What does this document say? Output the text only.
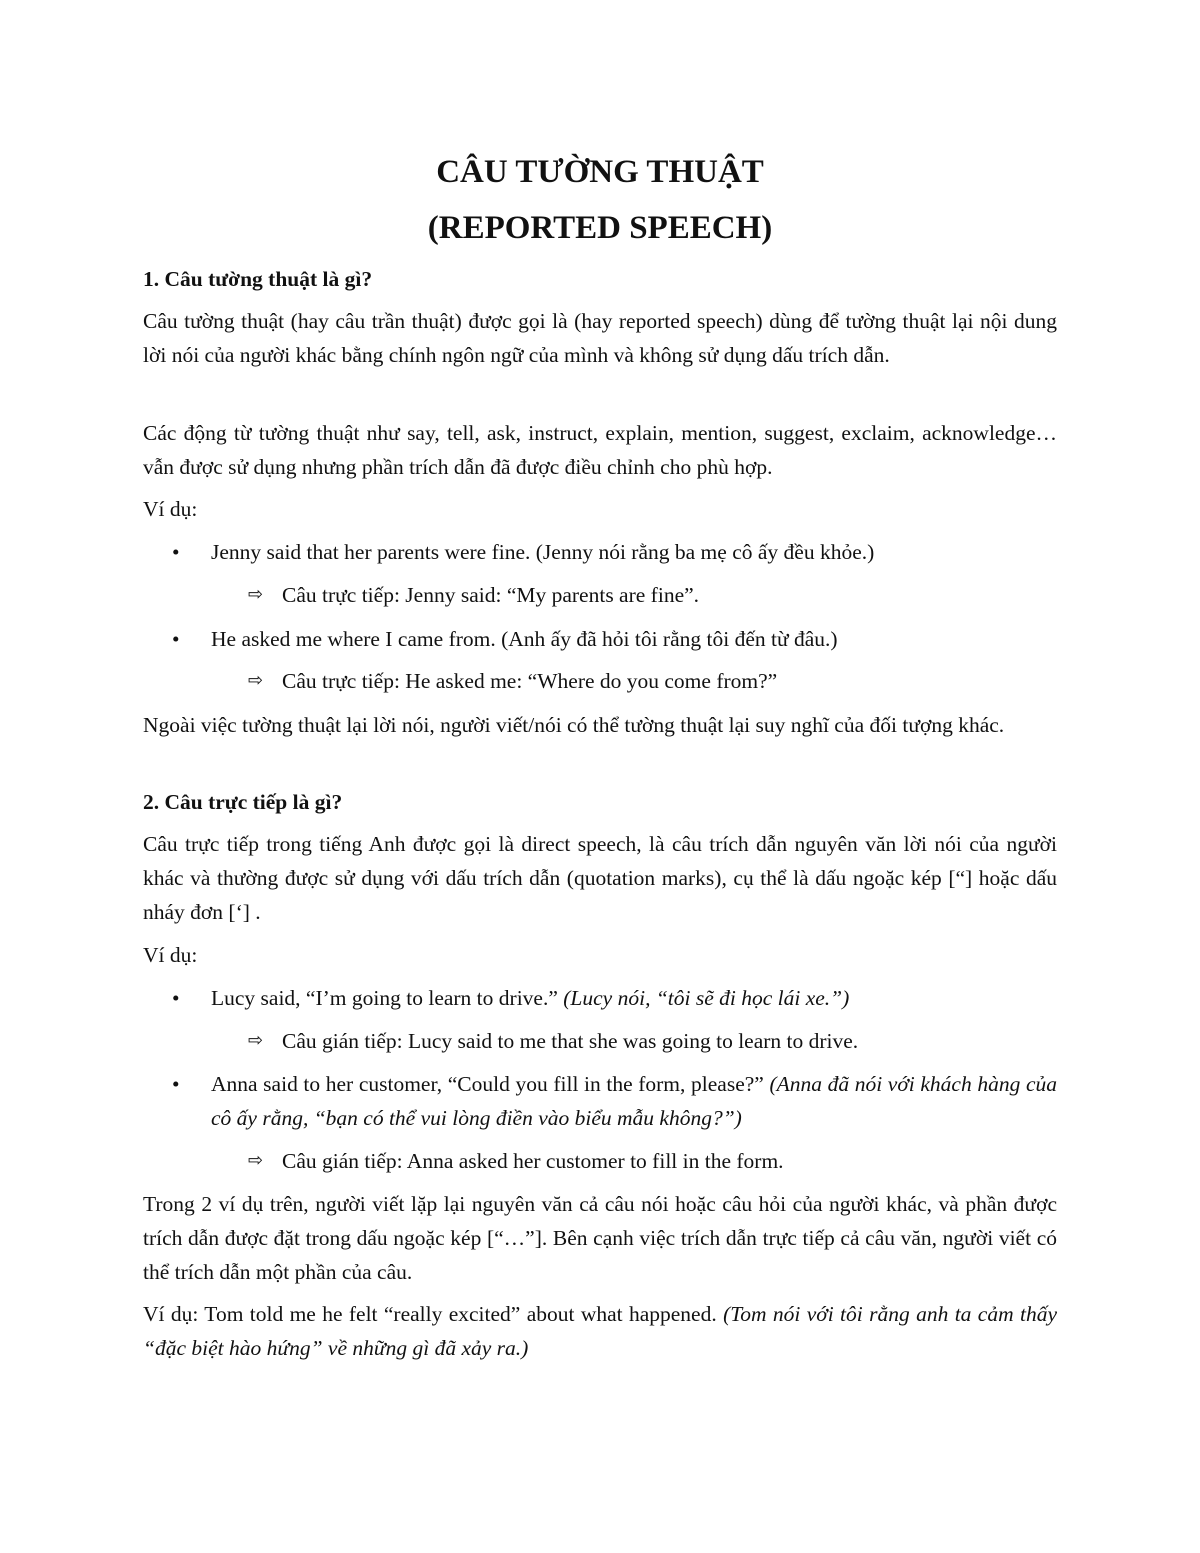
CÂU TƯỜNG THUẬT
(REPORTED SPEECH)

1. Câu tường thuật là gì?

Câu tường thuật (hay câu trần thuật) được gọi là (hay reported speech) dùng để tường thuật lại nội dung lời nói của người khác bằng chính ngôn ngữ của mình và không sử dụng dấu trích dẫn.

Các động từ tường thuật như say, tell, ask, instruct, explain, mention, suggest, exclaim, acknowledge… vẫn được sử dụng nhưng phần trích dẫn đã được điều chỉnh cho phù hợp.

Ví dụ:

•	Jenny said that her parents were fine. (Jenny nói rằng ba mẹ cô ấy đều khỏe.)
⇨ Câu trực tiếp: Jenny said: “My parents are fine”.
•	He asked me where I came from. (Anh ấy đã hỏi tôi rằng tôi đến từ đâu.)
⇨ Câu trực tiếp: He asked me: “Where do you come from?”

Ngoài việc tường thuật lại lời nói, người viết/nói có thể tường thuật lại suy nghĩ của đối tượng khác.

2. Câu trực tiếp là gì?

Câu trực tiếp trong tiếng Anh được gọi là direct speech, là câu trích dẫn nguyên văn lời nói của người khác và thường được sử dụng với dấu trích dẫn (quotation marks), cụ thể là dấu ngoặc kép [“] hoặc dấu nháy đơn [‘] .

Ví dụ:

•	Lucy said, “I’m going to learn to drive.” (Lucy nói, “tôi sẽ đi học lái xe.”)
⇨ Câu gián tiếp: Lucy said to me that she was going to learn to drive.
•	Anna said to her customer, “Could you fill in the form, please?” (Anna đã nói với khách hàng của cô ấy rằng, “bạn có thể vui lòng điền vào biểu mẫu không?”)
⇨ Câu gián tiếp: Anna asked her customer to fill in the form.

Trong 2 ví dụ trên, người viết lặp lại nguyên văn cả câu nói hoặc câu hỏi của người khác, và phần được trích dẫn được đặt trong dấu ngoặc kép [“…”]. Bên cạnh việc trích dẫn trực tiếp cả câu văn, người viết có thể trích dẫn một phần của câu.

Ví dụ: Tom told me he felt “really excited” about what happened. (Tom nói với tôi rằng anh ta cảm thấy “đặc biệt hào hứng” về những gì đã xảy ra.)
